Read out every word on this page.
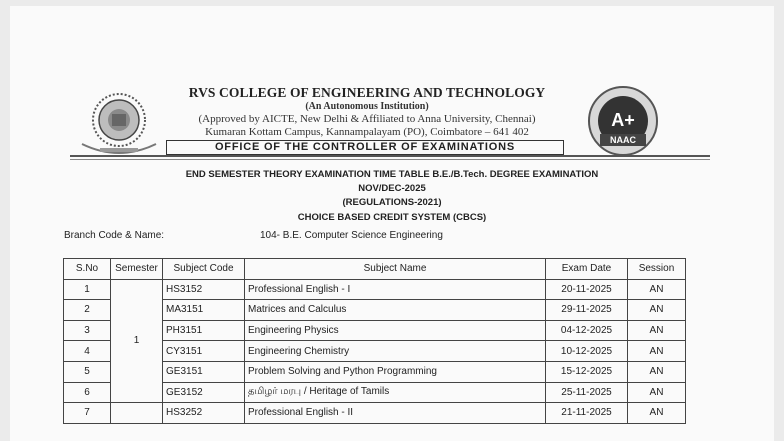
RVS COLLEGE OF ENGINEERING AND TECHNOLOGY
(An Autonomous Institution)
(Approved by AICTE, New Delhi & Affiliated to Anna University, Chennai)
Kumaran Kottam Campus, Kannampalayam (PO), Coimbatore – 641 402
OFFICE OF THE CONTROLLER OF EXAMINATIONS
A+
NAAC
END SEMESTER THEORY EXAMINATION TIME TABLE B.E./B.Tech. DEGREE EXAMINATION
NOV/DEC-2025
(REGULATIONS-2021)
CHOICE BASED CREDIT SYSTEM (CBCS)
Branch Code & Name:	104- B.E. Computer Science Engineering
S.No	Semester	Subject Code	Subject Name	Exam Date	Session
1	1	HS3152	Professional English - I	20-11-2025	AN
2		MA3151	Matrices and Calculus	29-11-2025	AN
3		PH3151	Engineering Physics	04-12-2025	AN
4		CY3151	Engineering Chemistry	10-12-2025	AN
5		GE3151	Problem Solving and Python Programming	15-12-2025	AN
6		GE3152	தமிழர் மரபு / Heritage of Tamils	25-11-2025	AN
7		HS3252	Professional English - II	21-11-2025	AN
